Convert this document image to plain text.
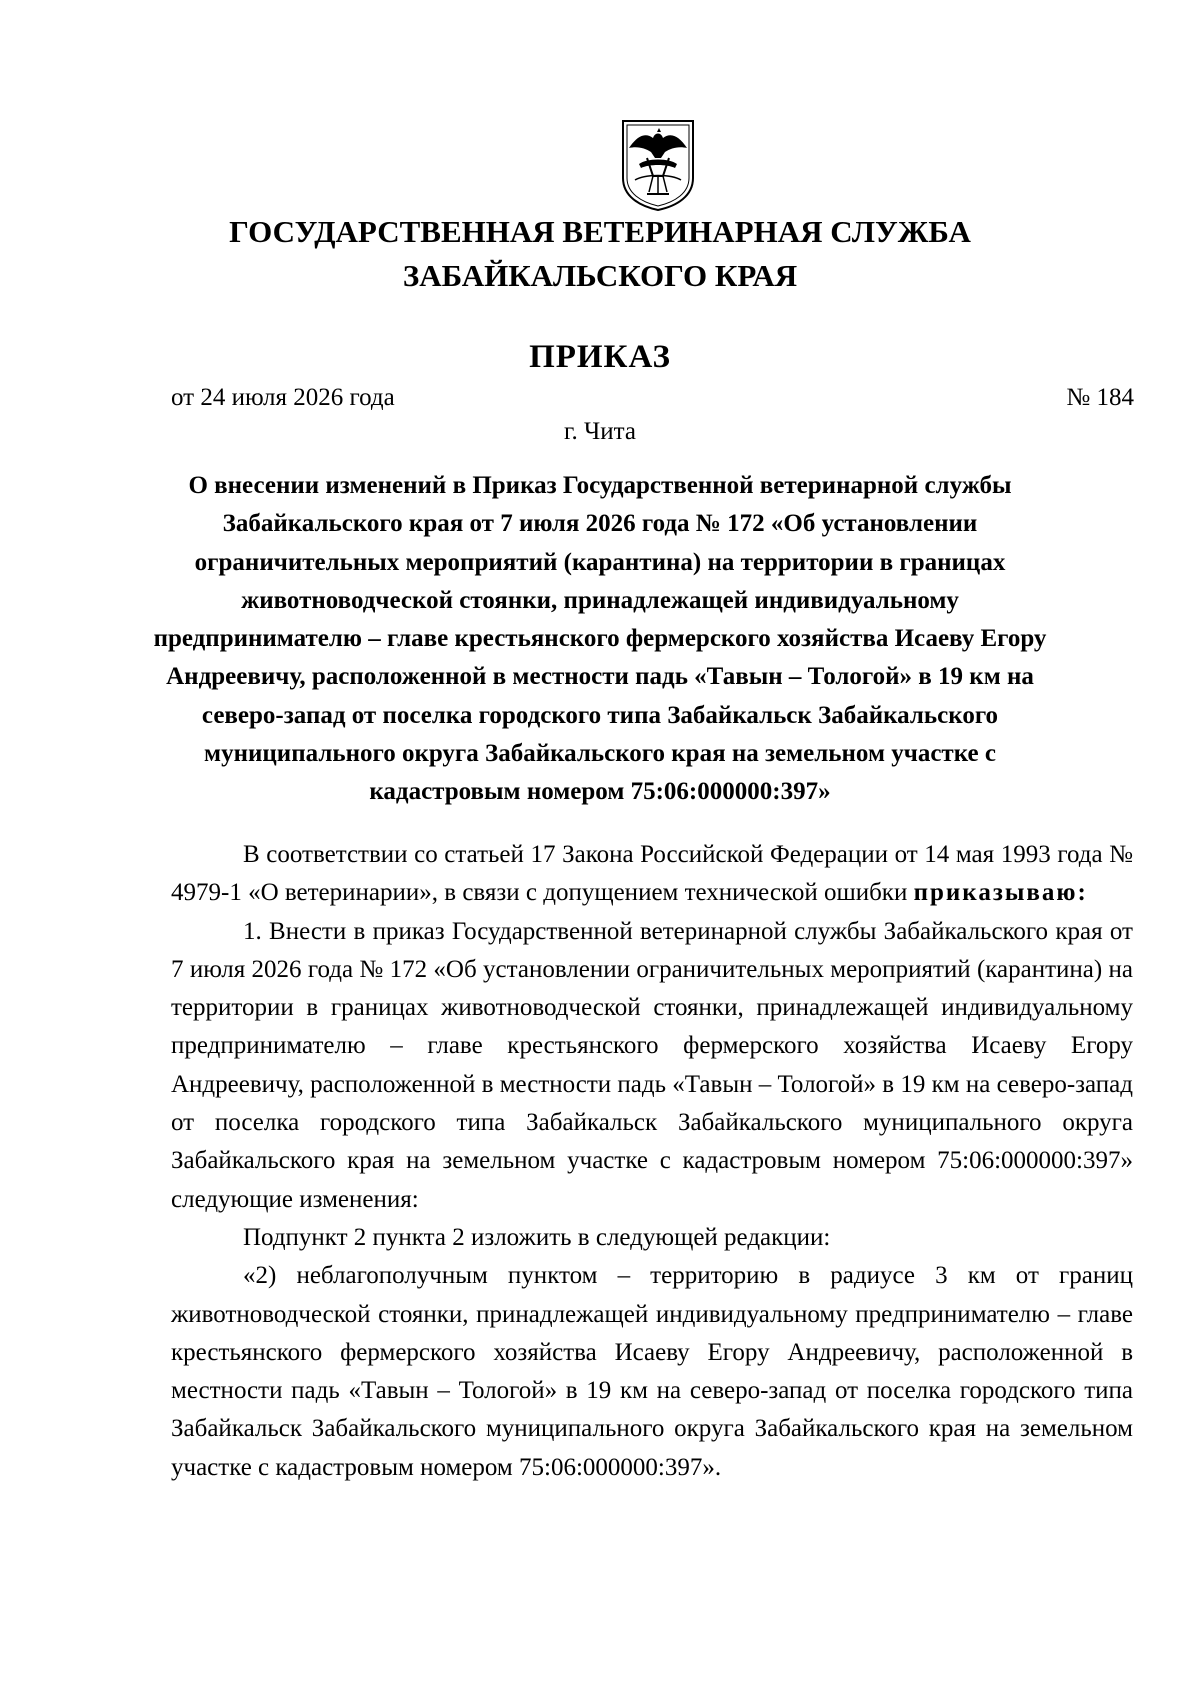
ГОСУДАРСТВЕННАЯ ВЕТЕРИНАРНАЯ СЛУЖБА
ЗАБАЙКАЛЬСКОГО КРАЯ
ПРИКАЗ
от 24 июля 2026 года	№ 184
г. Чита
О внесении изменений в Приказ Государственной ветеринарной службы Забайкальского края от 7 июля 2026 года № 172 «Об установлении ограничительных мероприятий (карантина) на территории в границах животноводческой стоянки, принадлежащей индивидуальному предпринимателю – главе крестьянского фермерского хозяйства Исаеву Егору Андреевичу, расположенной в местности падь «Тавын – Тологой» в 19 км на северо-запад от поселка городского типа Забайкальск Забайкальского муниципального округа Забайкальского края на земельном участке с кадастровым номером 75:06:000000:397»

В соответствии со статьей 17 Закона Российской Федерации от 14 мая 1993 года № 4979-1 «О ветеринарии», в связи с допущением технической ошибки приказываю:

1. Внести в приказ Государственной ветеринарной службы Забайкальского края от 7 июля 2026 года № 172 «Об установлении ограничительных мероприятий (карантина) на территории в границах животноводческой стоянки, принадлежащей индивидуальному предпринимателю – главе крестьянского фермерского хозяйства Исаеву Егору Андреевичу, расположенной в местности падь «Тавын – Тологой» в 19 км на северо-запад от поселка городского типа Забайкальск Забайкальского муниципального округа Забайкальского края на земельном участке с кадастровым номером 75:06:000000:397» следующие изменения:

Подпункт 2 пункта 2 изложить в следующей редакции:

«2) неблагополучным пунктом – территорию в радиусе 3 км от границ животноводческой стоянки, принадлежащей индивидуальному предпринимателю – главе крестьянского фермерского хозяйства Исаеву Егору Андреевичу, расположенной в местности падь «Тавын – Тологой» в 19 км на северо-запад от поселка городского типа Забайкальск Забайкальского муниципального округа Забайкальского края на земельном участке с кадастровым номером 75:06:000000:397».
